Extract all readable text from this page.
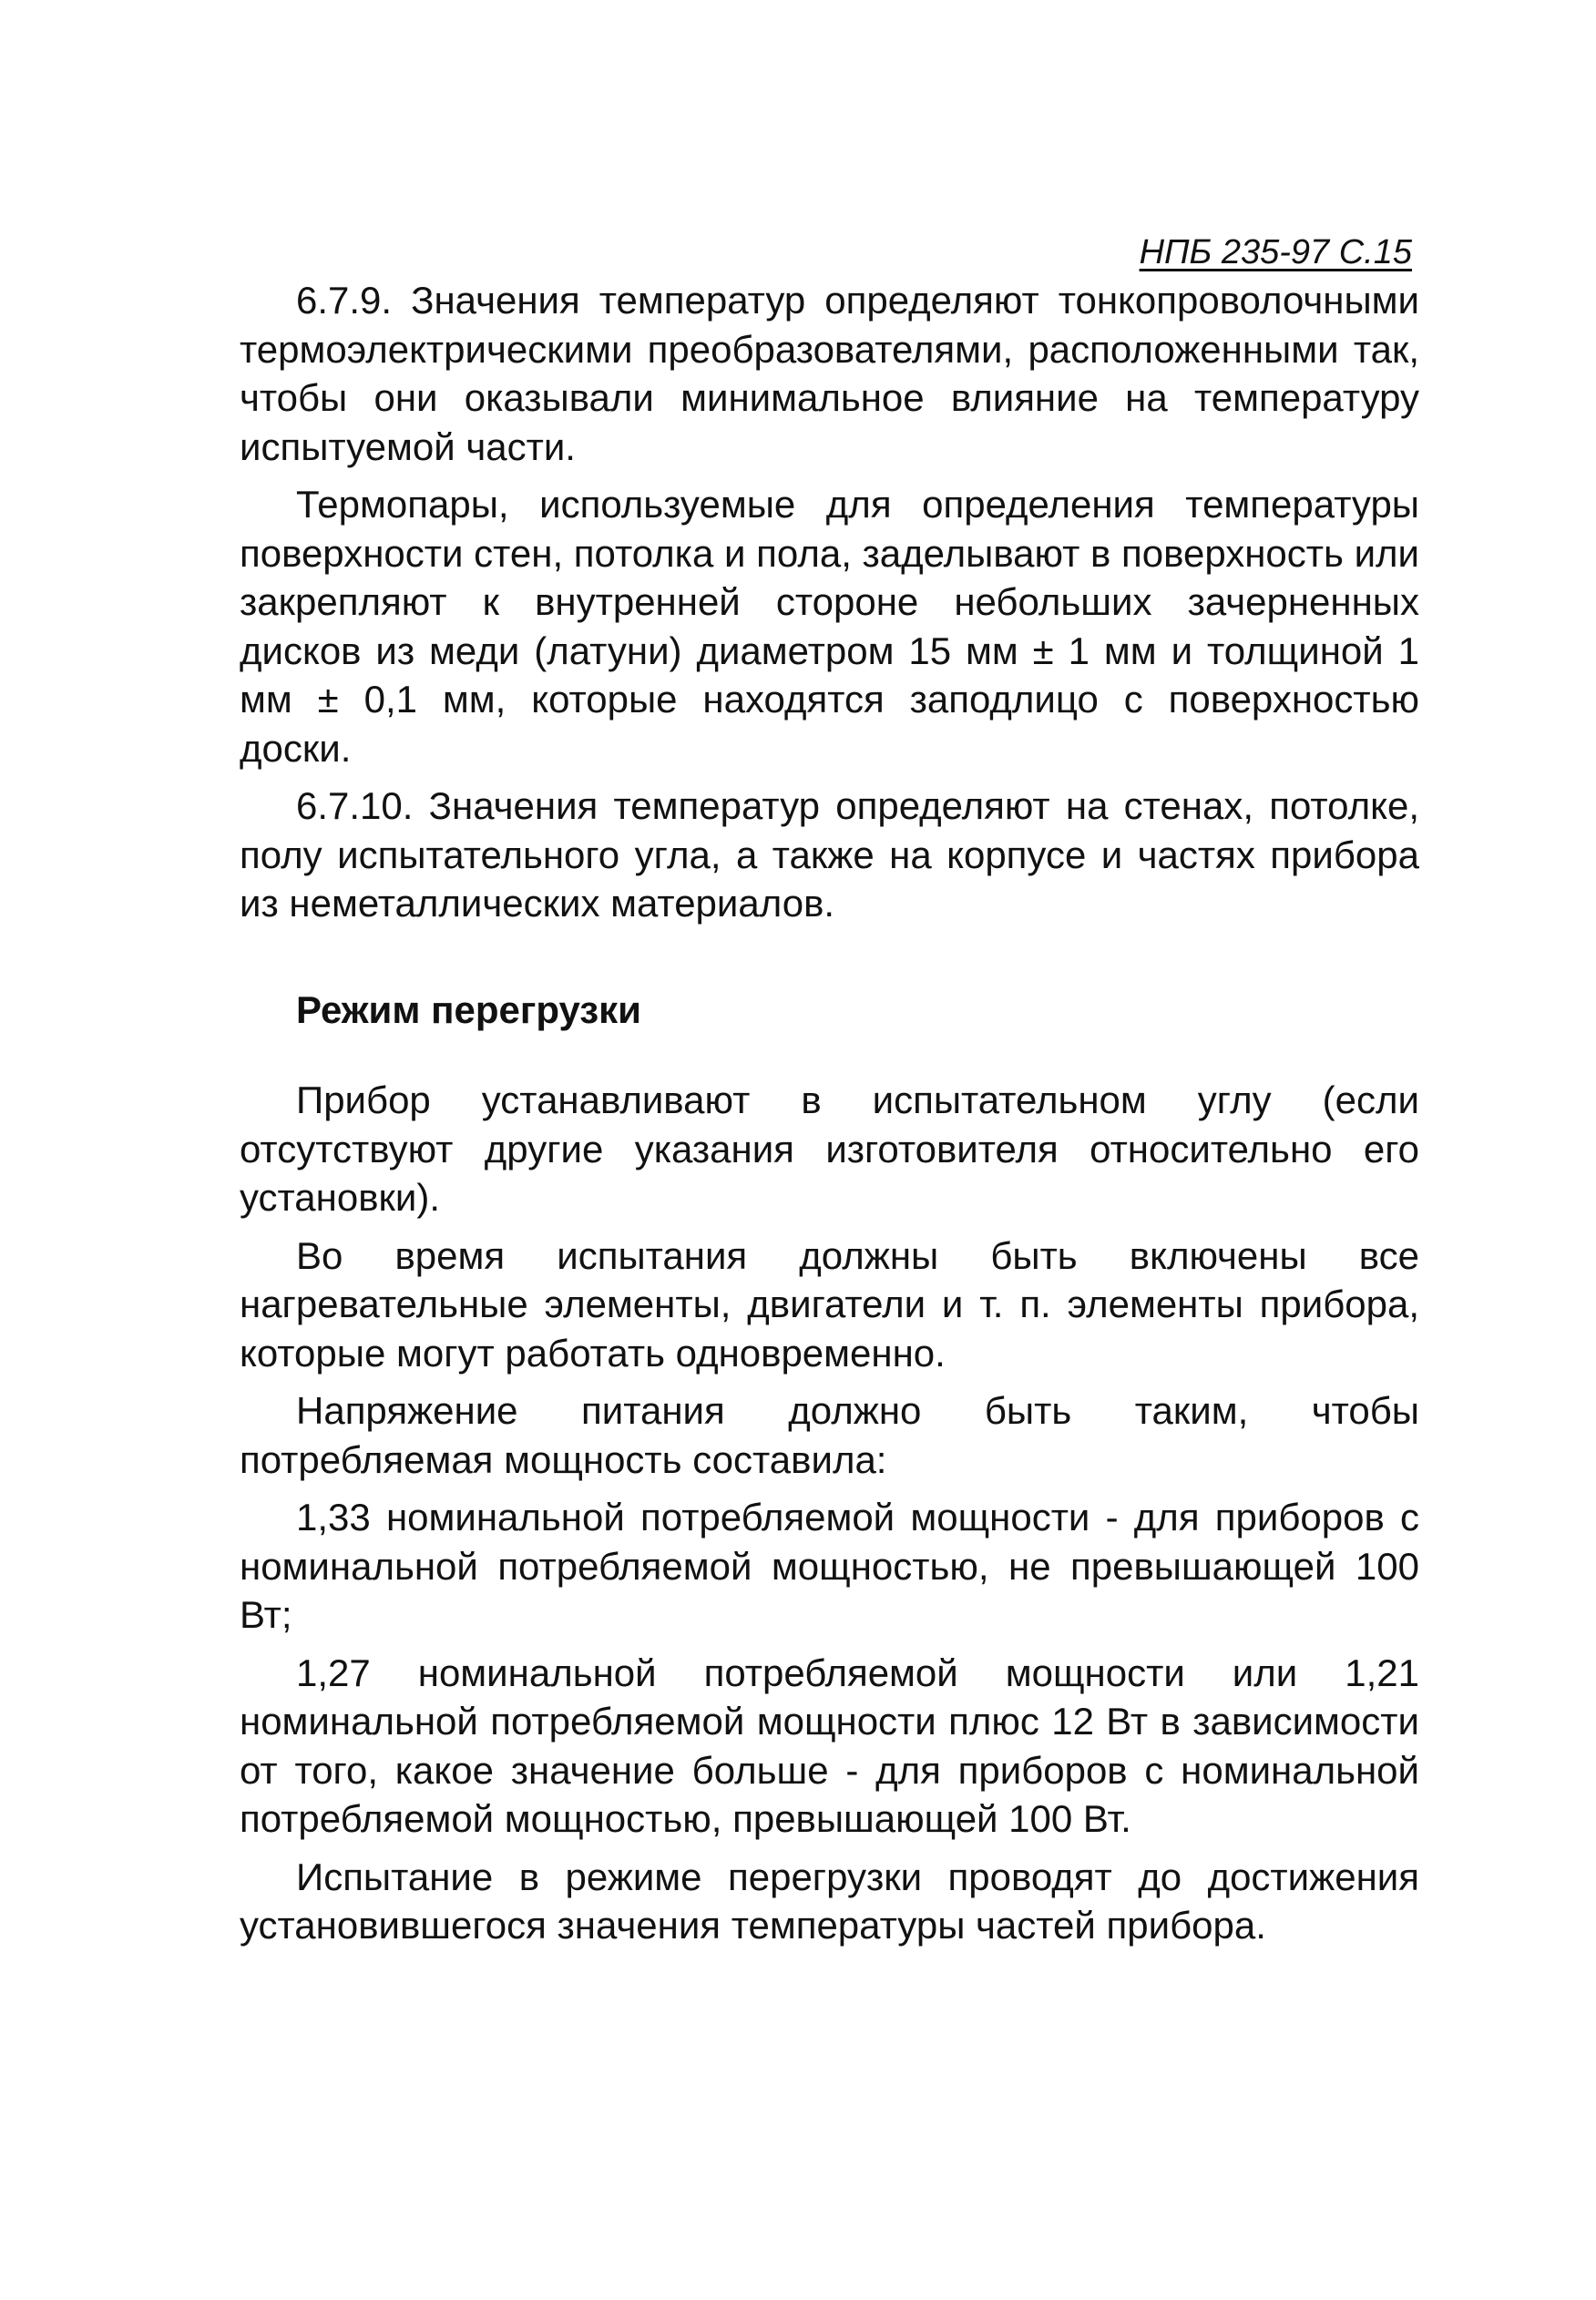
НПБ 235-97 С.15

6.7.9. Значения температур определяют тонкопроволочными термоэлектрическими преобразователями, расположенными так, чтобы они оказывали минимальное влияние на температуру испытуемой части.

Термопары, используемые для определения температуры поверхности стен, потолка и пола, заделывают в поверхность или закрепляют к внутренней стороне небольших зачерненных дисков из меди (латуни) диаметром 15 мм ± 1 мм и толщиной 1 мм ± 0,1 мм, которые находятся заподлицо с поверхностью доски.

6.7.10. Значения температур определяют на стенах, потолке, полу испытательного угла, а также на корпусе и частях прибора из неметаллических материалов.

Режим перегрузки

Прибор устанавливают в испытательном углу (если отсутствуют другие указания изготовителя относительно его установки).

Во время испытания должны быть включены все нагревательные элементы, двигатели и т. п. элементы прибора, которые могут работать одновременно.

Напряжение питания должно быть таким, чтобы потребляемая мощность составила:

1,33 номинальной потребляемой мощности - для приборов с номинальной потребляемой мощностью, не превышающей 100 Вт;

1,27 номинальной потребляемой мощности или 1,21 номинальной потребляемой мощности плюс 12 Вт в зависимости от того, какое значение больше - для приборов с номинальной потребляемой мощностью, превышающей 100 Вт.

Испытание в режиме перегрузки проводят до достижения установившегося значения температуры частей прибора.
